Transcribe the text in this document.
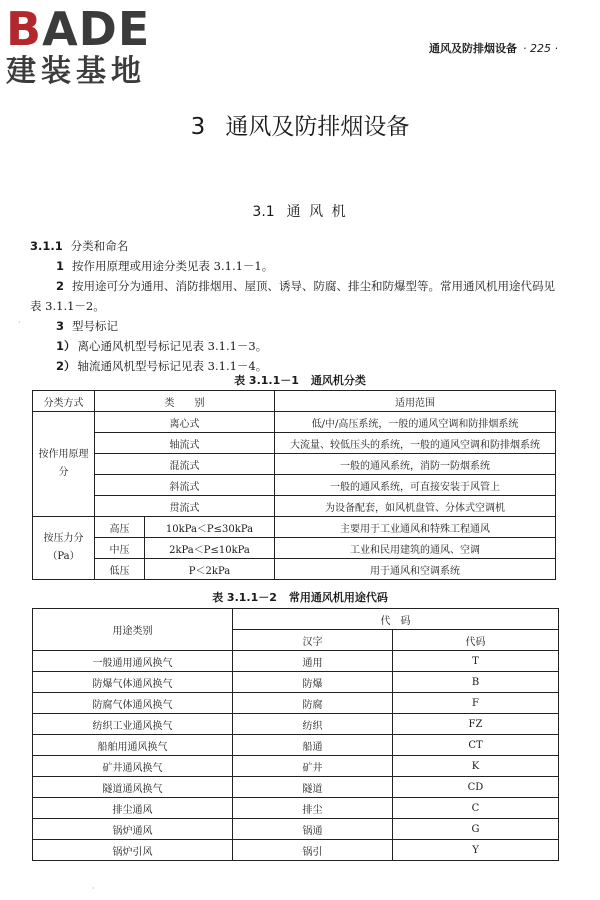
BADE
建装基地
通风及防排烟设备 · 225 ·
3 通风及防排烟设备
3.1 通 风 机

3.1.1 分类和命名

1 按作用原理或用途分类见表 3.1.1－1。

2 按用途可分为通用、消防排烟用、屋顶、诱导、防腐、排尘和防爆型等。常用通风机用途代码见表 3.1.1－2。

3 型号标记

1） 离心通风机型号标记见表 3.1.1－3。

2） 轴流通风机型号标记见表 3.1.1－4。

表 3.1.1－1 通风机分类
分类方式	类　　别		适用范围
按作用原理分	离心式		低/中/高压系统，一般的通风空调和防排烟系统
	轴流式		大流量、较低压头的系统，一般的通风空调和防排烟系统
	混流式		一般的通风系统，消防一防烟系统
	斜流式		一般的通风系统，可直接安装于风管上
	贯流式		为设备配套，如风机盘管、分体式空调机
按压力分（Pa）	高压	10kPa＜P≤30kPa	主要用于工业通风和特殊工程通风
	中压	2kPa＜P≤10kPa	工业和民用建筑的通风、空调
	低压	P＜2kPa	用于通风和空调系统
表 3.1.1－2 常用通风机用途代码
用途类别	代　码	
	汉字	代码
一般通用通风换气	通用	T
防爆气体通风换气	防爆	B
防腐气体通风换气	防腐	F
纺织工业通风换气	纺织	FZ
船舶用通风换气	船通	CT
矿井通风换气	矿井	K
隧道通风换气	隧道	CD
排尘通风	排尘	C
锅炉通风	锅通	G
锅炉引风	锅引	Y
·
·
